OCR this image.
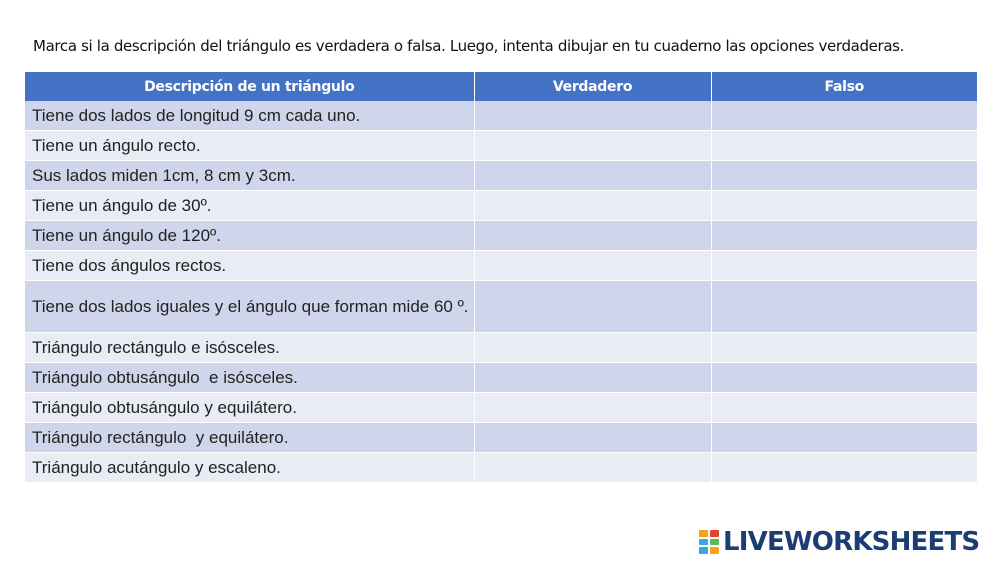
Marca si la descripción del triángulo es verdadera o falsa. Luego, intenta dibujar en tu cuaderno las opciones verdaderas.
Descripción de un triángulo	Verdadero	Falso
Tiene dos lados de longitud 9 cm cada uno.		
Tiene un ángulo recto.		
Sus lados miden 1cm, 8 cm y 3cm.		
Tiene un ángulo de 30º.		
Tiene un ángulo de 120º.		
Tiene dos ángulos rectos.		
Tiene dos lados iguales y el ángulo que forman mide 60 º.		
Triángulo rectángulo e isósceles.		
Triángulo obtusángulo  e isósceles.		
Triángulo obtusángulo y equilátero.		
Triángulo rectángulo  y equilátero.		
Triángulo acutángulo y escaleno.		
LIVEWORKSHEETS
